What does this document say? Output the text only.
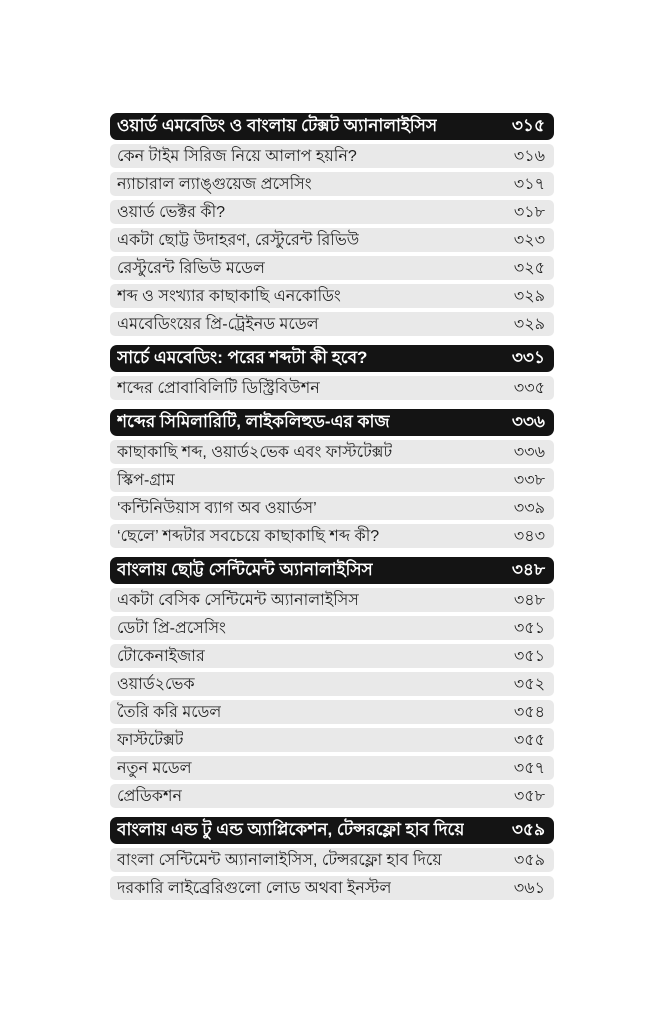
ওয়ার্ড এমবেডিং ও বাংলায় টেক্সট অ্যানালাইসিস	৩১৫
কেন টাইম সিরিজ নিয়ে আলাপ হয়নি?	৩১৬
ন্যাচারাল ল্যাঙ্গুয়েজ প্রসেসিং	৩১৭
ওয়ার্ড ভেক্টর কী?	৩১৮
একটা ছোট্ট উদাহরণ, রেস্টুরেন্ট রিভিউ	৩২৩
রেস্টুরেন্ট রিভিউ মডেল	৩২৫
শব্দ ও সংখ্যার কাছাকাছি এনকোডিং	৩২৯
এমবেডিংয়ের প্রি-ট্রেইনড মডেল	৩২৯
সার্চে এমবেডিং: পরের শব্দটা কী হবে?	৩৩১
শব্দের প্রোবাবিলিটি ডিস্ট্রিবিউশন	৩৩৫
শব্দের সিমিলারিটি, লাইকলিহুড-এর কাজ	৩৩৬
কাছাকাছি শব্দ, ওয়ার্ড২ভেক এবং ফাস্টটেক্সট	৩৩৬
স্কিপ-গ্রাম	৩৩৮
‘কন্টিনিউয়াস ব্যাগ অব ওয়ার্ডস’	৩৩৯
‘ছেলে’ শব্দটার সবচেয়ে কাছাকাছি শব্দ কী?	৩৪৩
বাংলায় ছোট্ট সেন্টিমেন্ট অ্যানালাইসিস	৩৪৮
একটা বেসিক সেন্টিমেন্ট অ্যানালাইসিস	৩৪৮
ডেটা প্রি-প্রসেসিং	৩৫১
টোকেনাইজার	৩৫১
ওয়ার্ড২ভেক	৩৫২
তৈরি করি মডেল	৩৫৪
ফাস্টটেক্সট	৩৫৫
নতুন মডেল	৩৫৭
প্রেডিকশন	৩৫৮
বাংলায় এন্ড টু এন্ড অ্যাপ্লিকেশন, টেন্সরফ্লো হাব দিয়ে	৩৫৯
বাংলা সেন্টিমেন্ট অ্যানালাইসিস, টেন্সরফ্লো হাব দিয়ে	৩৫৯
দরকারি লাইব্রেরিগুলো লোড অথবা ইনস্টল	৩৬১
